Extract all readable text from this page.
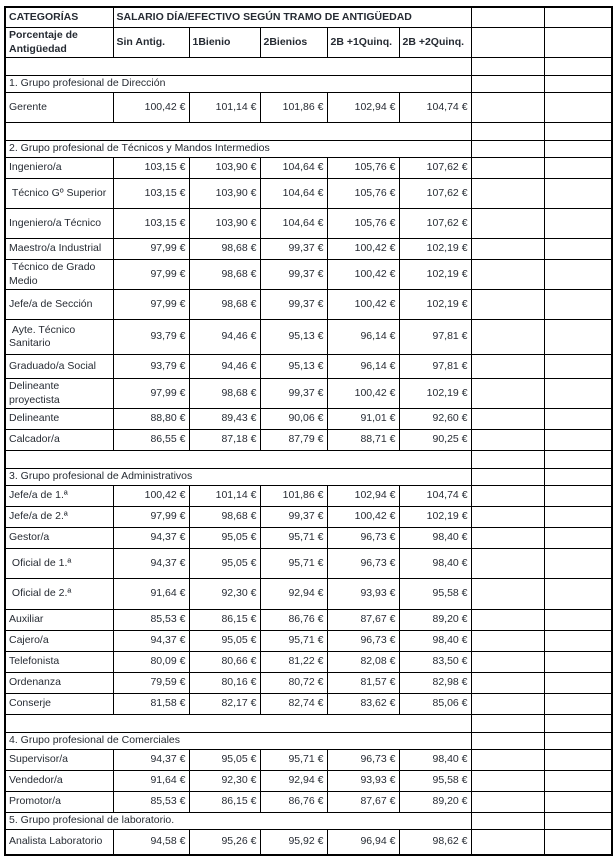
CATEGORÍAS	SALARIO DÍA/EFECTIVO SEGÚN TRAMO DE ANTIGÜEDAD						
Porcentaje de Antigüedad	Sin Antig.	1Bienio	2Bienios	2B +1Quinq.	2B +2Quinq.		

1. Grupo profesional de Dirección							
Gerente	100,42 €	101,14 €	101,86 €	102,94 €	104,74 €		

2. Grupo profesional de Técnicos y Mandos Intermedios							
Ingeniero/a	103,15 €	103,90 €	104,64 €	105,76 €	107,62 €		
Técnico Gº Superior	103,15 €	103,90 €	104,64 €	105,76 €	107,62 €		
Ingeniero/a Técnico	103,15 €	103,90 €	104,64 €	105,76 €	107,62 €		
Maestro/a Industrial	97,99 €	98,68 €	99,37 €	100,42 €	102,19 €		
Técnico de Grado Medio	97,99 €	98,68 €	99,37 €	100,42 €	102,19 €		
Jefe/a de Sección	97,99 €	98,68 €	99,37 €	100,42 €	102,19 €		
Ayte. Técnico Sanitario	93,79 €	94,46 €	95,13 €	96,14 €	97,81 €		
Graduado/a Social	93,79 €	94,46 €	95,13 €	96,14 €	97,81 €		
Delineante proyectista	97,99 €	98,68 €	99,37 €	100,42 €	102,19 €		
Delineante	88,80 €	89,43 €	90,06 €	91,01 €	92,60 €		
Calcador/a	86,55 €	87,18 €	87,79 €	88,71 €	90,25 €		

3. Grupo profesional de Administrativos							
Jefe/a de 1.ª	100,42 €	101,14 €	101,86 €	102,94 €	104,74 €		
Jefe/a de 2.ª	97,99 €	98,68 €	99,37 €	100,42 €	102,19 €		
Gestor/a	94,37 €	95,05 €	95,71 €	96,73 €	98,40 €		
Oficial de 1.ª	94,37 €	95,05 €	95,71 €	96,73 €	98,40 €		
Oficial de 2.ª	91,64 €	92,30 €	92,94 €	93,93 €	95,58 €		
Auxiliar	85,53 €	86,15 €	86,76 €	87,67 €	89,20 €		
Cajero/a	94,37 €	95,05 €	95,71 €	96,73 €	98,40 €		
Telefonista	80,09 €	80,66 €	81,22 €	82,08 €	83,50 €		
Ordenanza	79,59 €	80,16 €	80,72 €	81,57 €	82,98 €		
Conserje	81,58 €	82,17 €	82,74 €	83,62 €	85,06 €		

4. Grupo profesional de Comerciales							
Supervisor/a	94,37 €	95,05 €	95,71 €	96,73 €	98,40 €		
Vendedor/a	91,64 €	92,30 €	92,94 €	93,93 €	95,58 €		
Promotor/a	85,53 €	86,15 €	86,76 €	87,67 €	89,20 €		
5. Grupo profesional de laboratorio.							
Analista Laboratorio	94,58 €	95,26 €	95,92 €	96,94 €	98,62 €		
